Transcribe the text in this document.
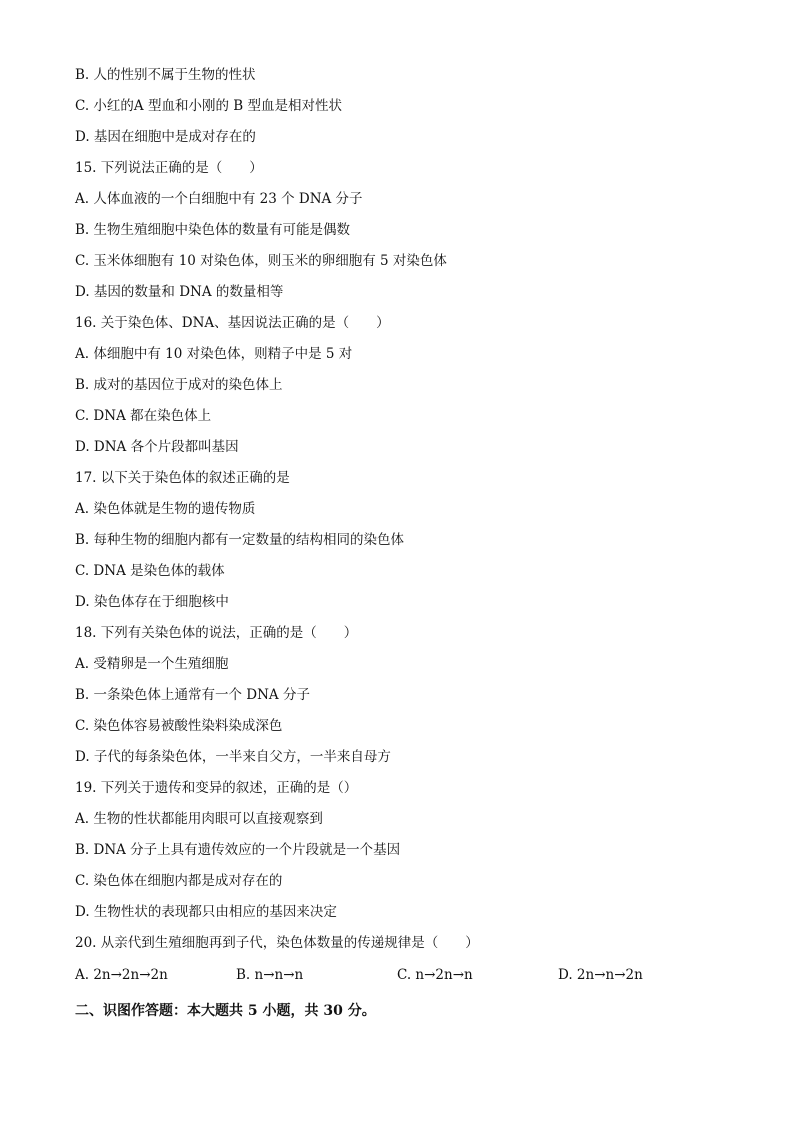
B. 人的性别不属于生物的性状
C. 小红的A 型血和小刚的 B 型血是相对性状
D. 基因在细胞中是成对存在的
15. 下列说法正确的是（　　）
A. 人体血液的一个白细胞中有 23 个 DNA 分子
B. 生物生殖细胞中染色体的数量有可能是偶数
C. 玉米体细胞有 10 对染色体，则玉米的卵细胞有 5 对染色体
D. 基因的数量和 DNA 的数量相等
16. 关于染色体、DNA、基因说法正确的是（　　）
A. 体细胞中有 10 对染色体，则精子中是 5 对
B. 成对的基因位于成对的染色体上
C. DNA 都在染色体上
D. DNA 各个片段都叫基因
17. 以下关于染色体的叙述正确的是
A. 染色体就是生物的遗传物质
B. 每种生物的细胞内都有一定数量的结构相同的染色体
C. DNA 是染色体的载体
D. 染色体存在于细胞核中
18. 下列有关染色体的说法，正确的是（　　）
A. 受精卵是一个生殖细胞
B. 一条染色体上通常有一个 DNA 分子
C. 染色体容易被酸性染料染成深色
D. 子代的每条染色体，一半来自父方，一半来自母方
19. 下列关于遗传和变异的叙述，正确的是（）
A. 生物的性状都能用肉眼可以直接观察到
B. DNA 分子上具有遗传效应的一个片段就是一个基因
C. 染色体在细胞内都是成对存在的
D. 生物性状的表现都只由相应的基因来决定
20. 从亲代到生殖细胞再到子代，染色体数量的传递规律是（　　）
A. 2n→2n→2n	B. n→n→n	C. n→2n→n	D. 2n→n→2n
二、识图作答题：本大题共 5 小题，共 30 分。
